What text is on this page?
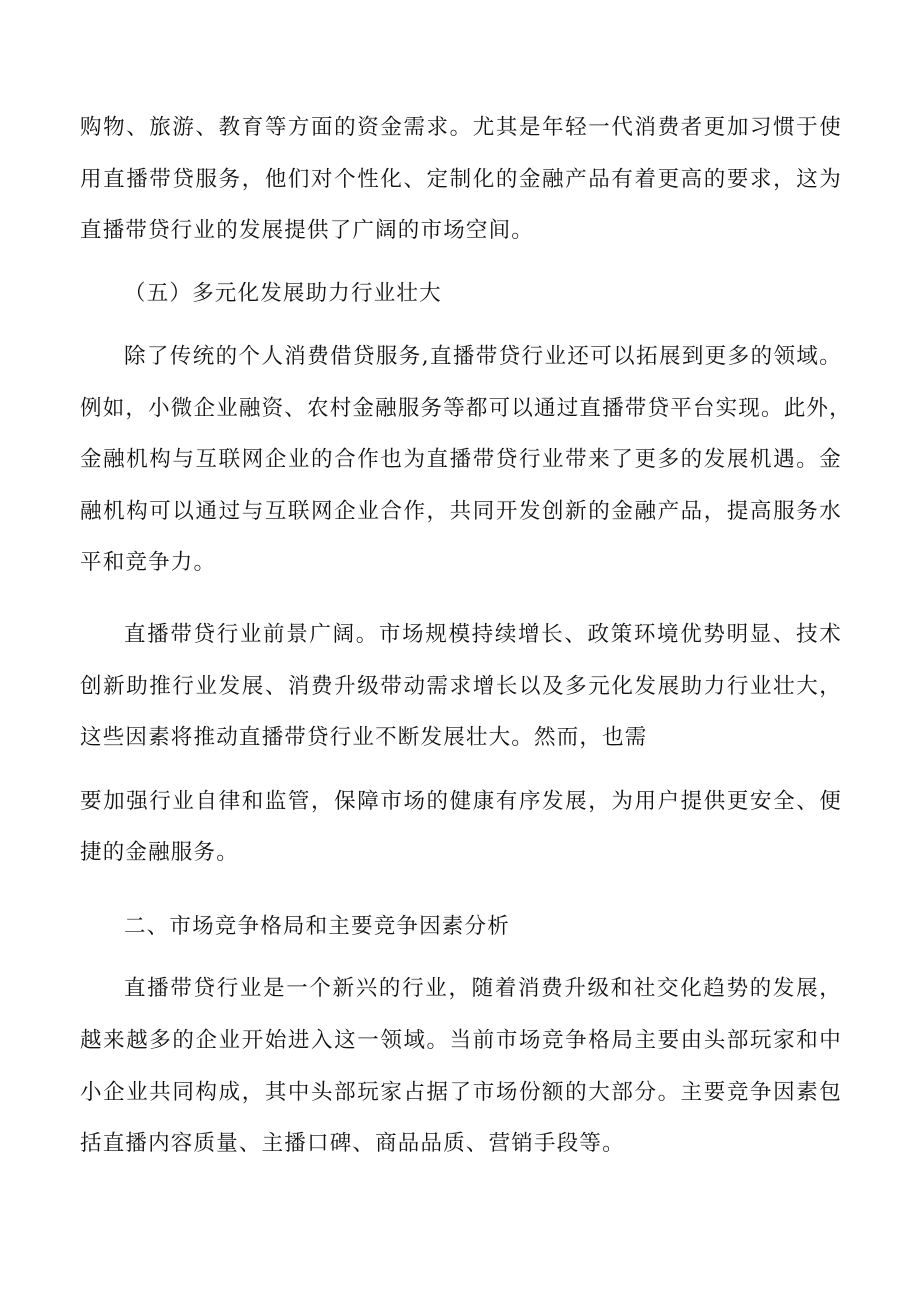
购物、旅游、教育等方面的资金需求。尤其是年轻一代消费者更加习惯于使
用直播带贷服务，他们对个性化、定制化的金融产品有着更高的要求，这为
直播带贷行业的发展提供了广阔的市场空间。
（五）多元化发展助力行业壮大
除了传统的个人消费借贷服务,直播带贷行业还可以拓展到更多的领域。
例如，小微企业融资、农村金融服务等都可以通过直播带贷平台实现。此外，
金融机构与互联网企业的合作也为直播带贷行业带来了更多的发展机遇。金
融机构可以通过与互联网企业合作，共同开发创新的金融产品，提高服务水
平和竞争力。
直播带贷行业前景广阔。市场规模持续增长、政策环境优势明显、技术
创新助推行业发展、消费升级带动需求增长以及多元化发展助力行业壮大，
这些因素将推动直播带贷行业不断发展壮大。然而，也需
要加强行业自律和监管，保障市场的健康有序发展，为用户提供更安全、便
捷的金融服务。
二、市场竞争格局和主要竞争因素分析
直播带贷行业是一个新兴的行业，随着消费升级和社交化趋势的发展，
越来越多的企业开始进入这一领域。当前市场竞争格局主要由头部玩家和中
小企业共同构成，其中头部玩家占据了市场份额的大部分。主要竞争因素包
括直播内容质量、主播口碑、商品品质、营销手段等。
